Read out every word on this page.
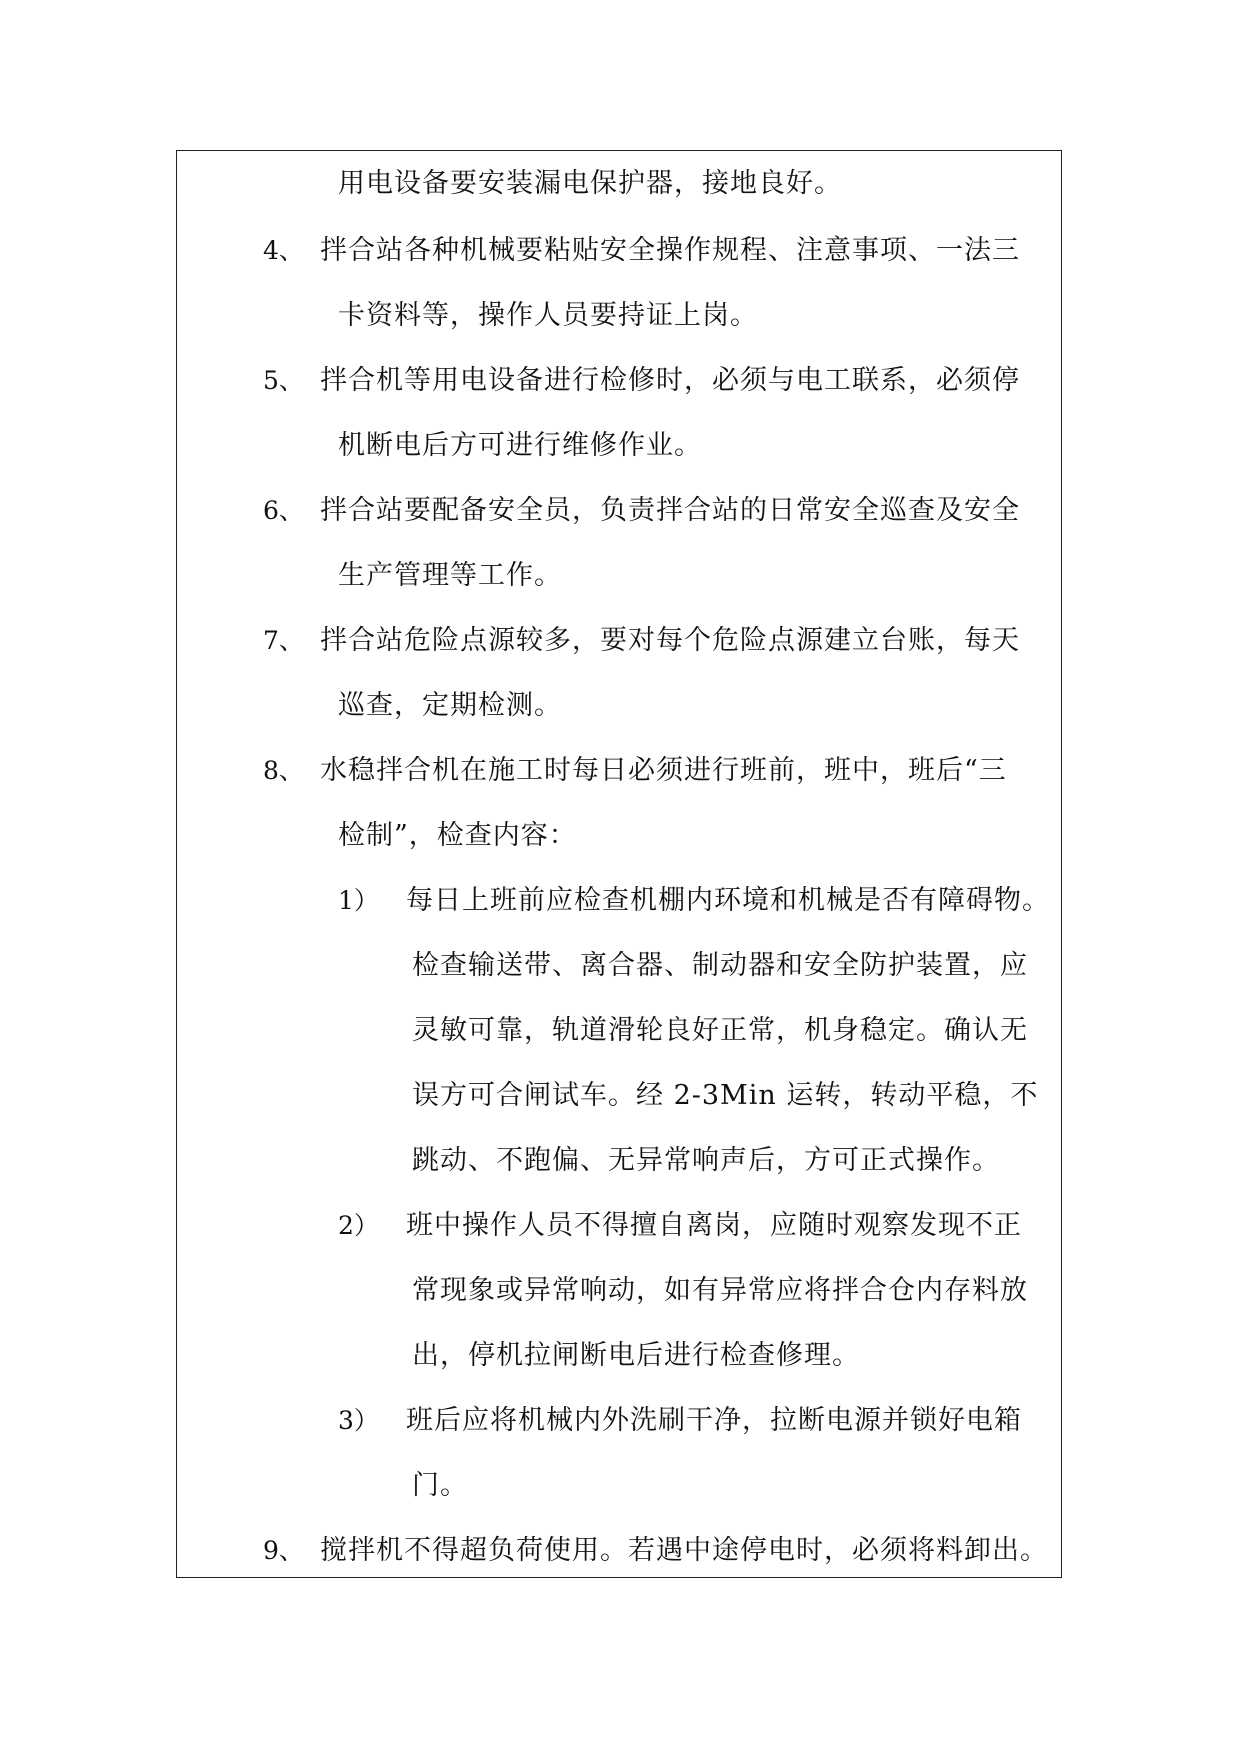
用电设备要安装漏电保护器，接地良好。
4、 拌合站各种机械要粘贴安全操作规程、注意事项、一法三
卡资料等，操作人员要持证上岗。
5、 拌合机等用电设备进行检修时，必须与电工联系，必须停
机断电后方可进行维修作业。
6、 拌合站要配备安全员，负责拌合站的日常安全巡查及安全
生产管理等工作。
7、 拌合站危险点源较多，要对每个危险点源建立台账，每天
巡查，定期检测。
8、 水稳拌合机在施工时每日必须进行班前，班中，班后“三
检制”，检查内容：
1） 每日上班前应检查机棚内环境和机械是否有障碍物。
检查输送带、离合器、制动器和安全防护装置，应
灵敏可靠，轨道滑轮良好正常，机身稳定。确认无
误方可合闸试车。经 2-3Min 运转，转动平稳，不
跳动、不跑偏、无异常响声后，方可正式操作。
2） 班中操作人员不得擅自离岗，应随时观察发现不正
常现象或异常响动，如有异常应将拌合仓内存料放
出，停机拉闸断电后进行检查修理。
3） 班后应将机械内外洗刷干净，拉断电源并锁好电箱
门。
9、 搅拌机不得超负荷使用。若遇中途停电时，必须将料卸出。
